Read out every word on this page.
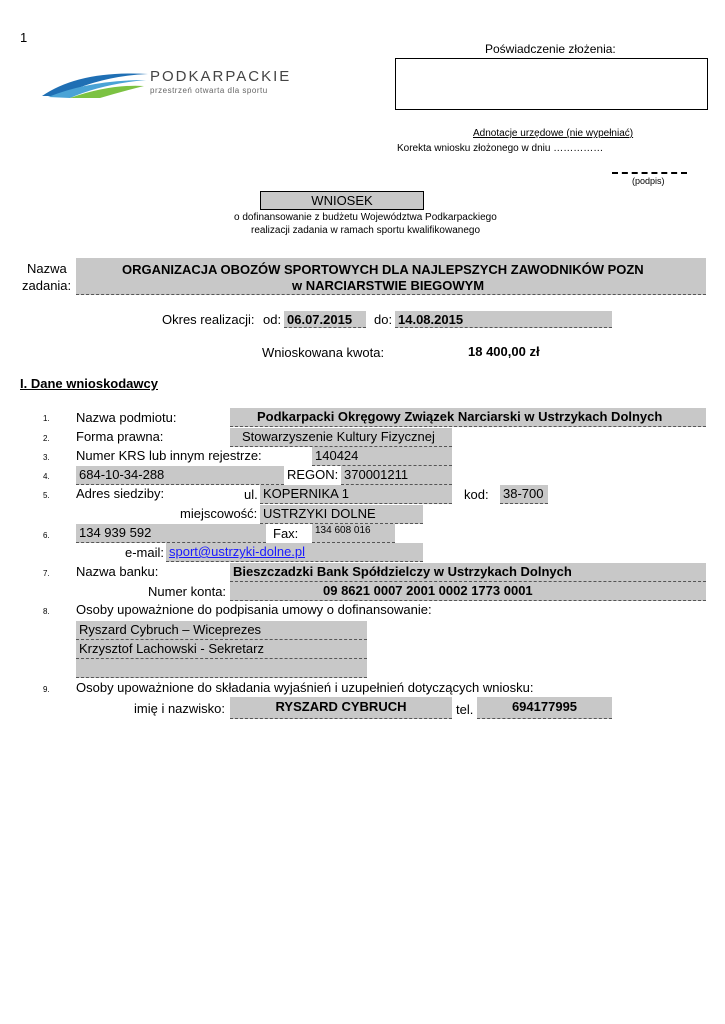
1
PODKARPACKIE
przestrzeń otwarta dla sportu
Poświadczenie złożenia:
Adnotacje urzędowe (nie wypełniać)
Korekta wniosku złożonego w dniu ……………
(podpis)
WNIOSEK
o dofinansowanie z budżetu Województwa Podkarpackiego
realizacji zadania w ramach sportu kwalifikowanego
Nazwa
zadania:
ORGANIZACJA OBOZÓW SPORTOWYCH DLA NAJLEPSZYCH ZAWODNIKÓW POZN
w NARCIARSTWIE BIEGOWYM
Okres realizacji: od: 06.07.2015	do: 14.08.2015
Wnioskowana kwota:	18 400,00 zł
I. Dane wnioskodawcy
1. Nazwa podmiotu:	Podkarpacki Okręgowy Związek Narciarski w Ustrzykach Dolnych
2. Forma prawna:	Stowarzyszenie Kultury Fizycznej
3. Numer KRS lub innym rejestrze:	140424
4. 684-10-34-288	REGON: 370001211
5. Adres siedziby:	ul. KOPERNIKA 1	kod: 38-700
miejscowość: USTRZYKI DOLNE
6. 134 939 592	Fax:	134 608 016
e-mail: sport@ustrzyki-dolne.pl
7. Nazwa banku:	Bieszczadzki Bank Spółdzielczy w Ustrzykach Dolnych
Numer konta:	09 8621 0007 2001 0002 1773 0001
8. Osoby upoważnione do podpisania umowy o dofinansowanie:
Ryszard Cybruch – Wiceprezes
Krzysztof Lachowski - Sekretarz
9. Osoby upoważnione do składania wyjaśnień i uzupełnień dotyczących wniosku:
imię i nazwisko:	RYSZARD CYBRUCH	tel.	694177995
